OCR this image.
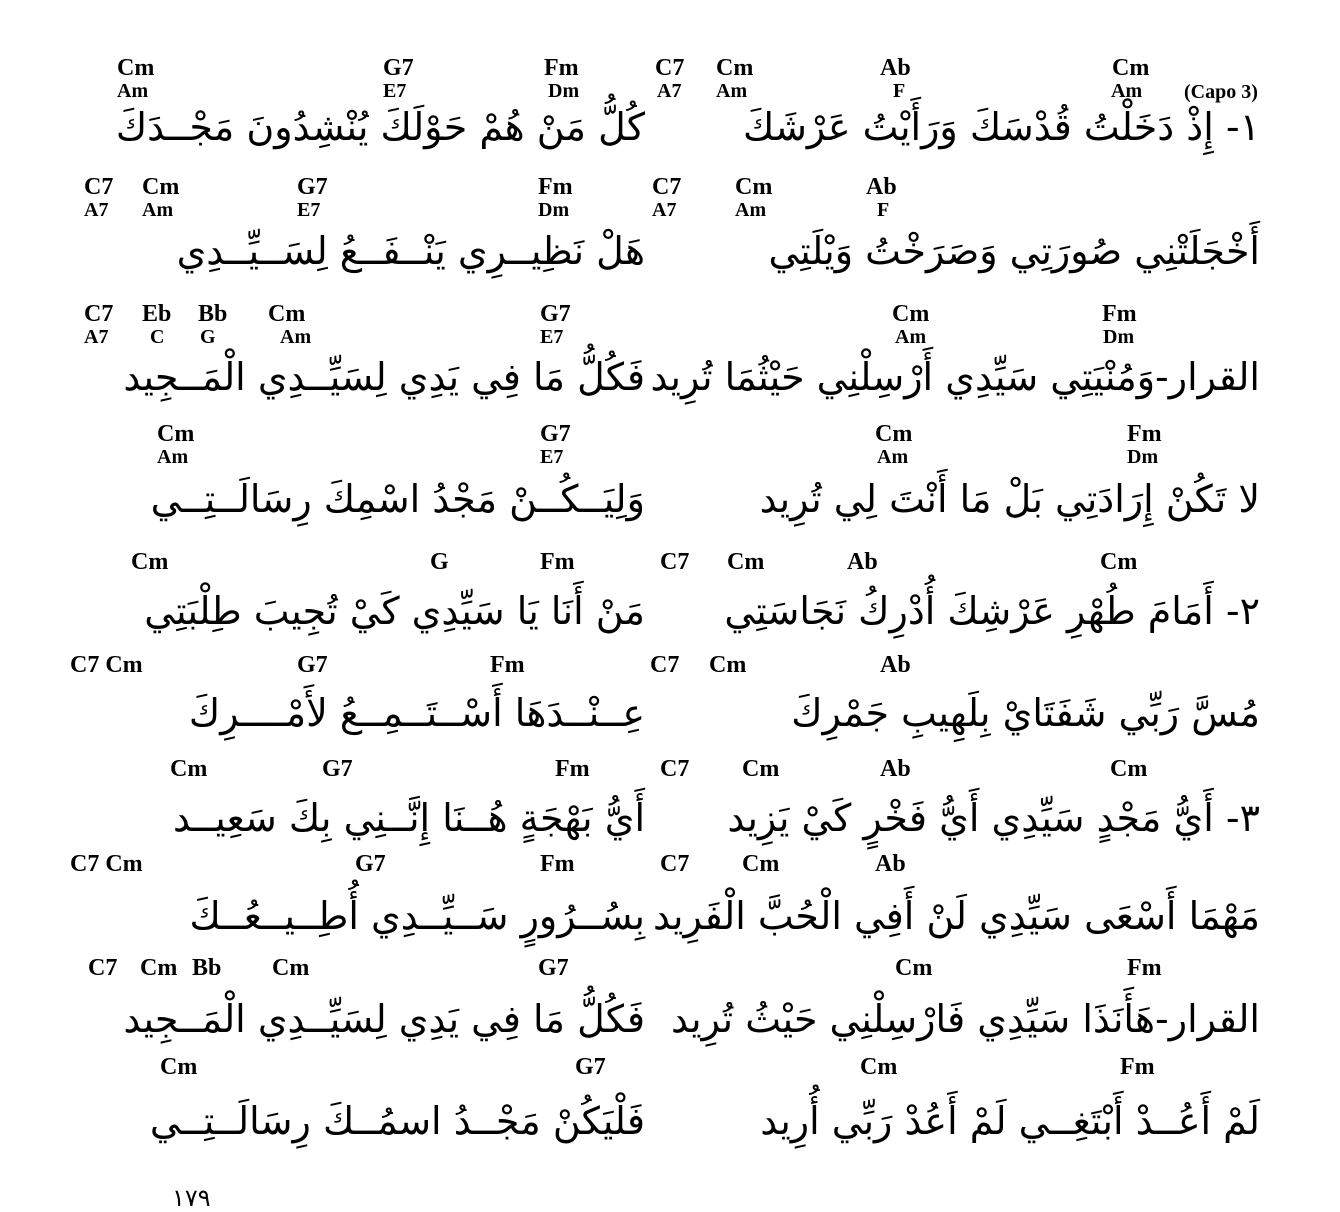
Cm	G7	Fm	C7 Cm	Ab	Cm
Am	E7	Dm	A7 Am	F	Am (Capo 3)
١- إِذْ دَخَلْتُ قُدْسَكَ وَرَأَيْتُ عَرْشَكَ
كُلُّ مَنْ هُمْ حَوْلَكَ يُنْشِدُونَ مَجْــدَكَ
C7 Cm	G7	Fm	C7 Cm	Ab
A7 Am	E7	Dm	A7	Am	F
أَخْجَلَتْنِي صُورَتِي وَصَرَخْتُ وَيْلَتِي
هَلْ نَظِيــرِي يَنْــفَــعُ لِسَــيِّــدِي
C7 Eb Bb Cm	G7	Cm	Fm
A7 C G	Am	E7	Am	Dm
القرار-وَمُنْيَتِي سَيِّدِي أَرْسِلْنِي حَيْثُمَا تُرِيد
فَكُلُّ مَا فِي يَدِي لِسَيِّــدِي الْمَــجِيد
Cm	G7	Cm	Fm
Am	E7	Am	Dm
لا تَكُنْ إِرَادَتِي بَلْ مَا أَنْتَ لِي تُرِيد
وَلِيَــكُــنْ مَجْدُ اسْمِكَ رِسَالَــتِــي
Cm	G	Fm	C7 Cm	Ab	Cm
٢- أَمَامَ طُهْرِ عَرْشِكَ أُدْرِكُ نَجَاسَتِي
مَنْ أَنَا يَا سَيِّدِي كَيْ تُجِيبَ طِلْبَتِي
C7 Cm	G7	Fm	C7 Cm	Ab
مُسَّ رَبِّي شَفَتَايْ بِلَهِيبِ جَمْرِكَ
عِــنْــدَهَا أَسْــتَــمِــعُ لأَمْــــرِكَ
Cm	G7	Fm	C7 Cm	Ab	Cm
٣- أَيُّ مَجْدٍ سَيِّدِي أَيُّ فَخْرٍ كَيْ يَزِيد
أَيُّ بَهْجَةٍ هُــنَا إِنَّــنِي بِكَ سَعِيــد
C7 Cm	G7	Fm	C7 Cm	Ab
مَهْمَا أَسْعَى سَيِّدِي لَنْ أَفِي الْحُبَّ الْفَرِيد
بِسُــرُورٍ سَــيِّــدِي أُطِــيــعُــكَ
C7 Cm Bb Cm	G7	Cm	Fm
القرار-هَأَنَذَا سَيِّدِي فَارْسِلْنِي حَيْثُ تُرِيد
فَكُلُّ مَا فِي يَدِي لِسَيِّــدِي الْمَــجِيد
Cm	G7	Cm	Fm
لَمْ أَعُــدْ أَبْتَغِــي لَمْ أَعُدْ رَبِّي أُرِيد
فَلْيَكُنْ مَجْــدُ اسمُــكَ رِسَالَــتِــي
١٧٩
